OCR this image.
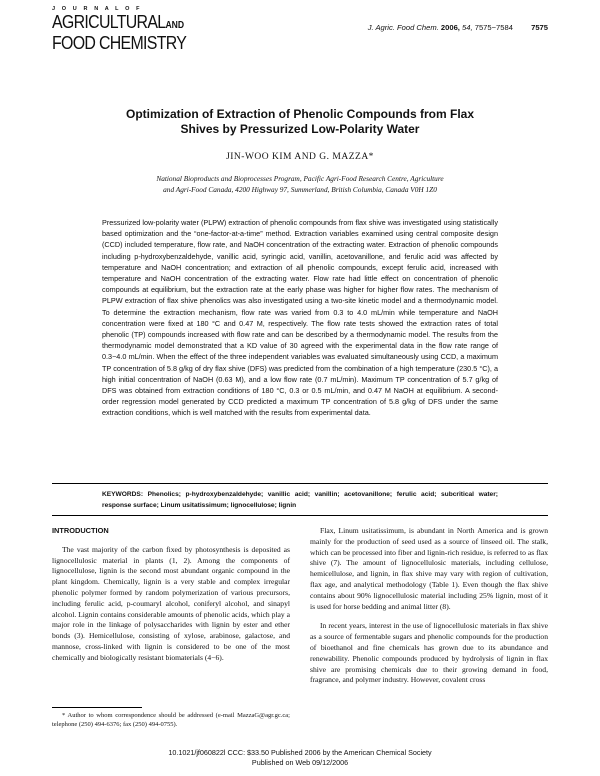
J O U R N A L O F
AGRICULTURALAND
FOOD CHEMISTRY
J. Agric. Food Chem. 2006, 54, 7575−7584 7575
Optimization of Extraction of Phenolic Compounds from Flax
Shives by Pressurized Low-Polarity Water
JIN-WOO KIM AND G. MAZZA*
National Bioproducts and Bioprocesses Program, Pacific Agri-Food Research Centre, Agriculture and Agri-Food Canada, 4200 Highway 97, Summerland, British Columbia, Canada V0H 1Z0
Pressurized low-polarity water (PLPW) extraction of phenolic compounds from flax shive was investigated using statistically based optimization and the “one-factor-at-a-time” method. Extraction variables examined using central composite design (CCD) included temperature, flow rate, and NaOH concentration of the extracting water. Extraction of phenolic compounds including p-hydroxybenzaldehyde, vanillic acid, syringic acid, vanillin, acetovanillone, and ferulic acid was affected by temperature and NaOH concentration; and extraction of all phenolic compounds, except ferulic acid, increased with temperature and NaOH concentration of the extracting water. Flow rate had little effect on concentration of phenolic compounds at equilibrium, but the extraction rate at the early phase was higher for higher flow rates. The mechanism of PLPW extraction of flax shive phenolics was also investigated using a two-site kinetic model and a thermodynamic model. To determine the extraction mechanism, flow rate was varied from 0.3 to 4.0 mL/min while temperature and NaOH concentration were fixed at 180 °C and 0.47 M, respectively. The flow rate tests showed the extraction rates of total phenolic (TP) compounds increased with flow rate and can be described by a thermodynamic model. The results from the thermodynamic model demonstrated that a KD value of 30 agreed with the experimental data in the flow rate range of 0.3−4.0 mL/min. When the effect of the three independent variables was evaluated simultaneously using CCD, a maximum TP concentration of 5.8 g/kg of dry flax shive (DFS) was predicted from the combination of a high temperature (230.5 °C), a high initial concentration of NaOH (0.63 M), and a low flow rate (0.7 mL/min). Maximum TP concentration of 5.7 g/kg of DFS was obtained from extraction conditions of 180 °C, 0.3 or 0.5 mL/min, and 0.47 M NaOH at equilibrium. A second-order regression model generated by CCD predicted a maximum TP concentration of 5.8 g/kg of DFS under the same extraction conditions, which is well matched with the results from experimental data.
KEYWORDS: Phenolics; p-hydroxybenzaldehyde; vanillic acid; vanillin; acetovanillone; ferulic acid; subcritical water; response surface; Linum usitatissimum; lignocellulose; lignin
INTRODUCTION

The vast majority of the carbon fixed by photosynthesis is deposited as lignocellulosic material in plants (1, 2). Among the components of lignocellulose, lignin is the second most abundant organic compound in the plant kingdom. Chemically, lignin is a very stable and complex irregular phenolic polymer formed by random polymerization of various precursors, including ferulic acid, p-coumaryl alcohol, coniferyl alcohol, and sinapyl alcohol. Lignin contains considerable amounts of phenolic acids, which play a major role in the linkage of polysaccharides with lignin by ester and ether bonds (3). Hemicellulose, consisting of xylose, arabinose, galactose, and mannose, cross-linked with lignin is considered to be one of the most chemically and biologically resistant biomaterials (4−6).

* Author to whom correspondence should be addressed (e-mail MazzaG@agr.gc.ca; telephone (250) 494-6376; fax (250) 494-0755).

Flax, Linum usitatissimum, is abundant in North America and is grown mainly for the production of seed used as a source of linseed oil. The stalk, which can be processed into fiber and lignin-rich residue, is referred to as flax shive (7). The amount of lignocellulosic materials, including cellulose, hemicellulose, and lignin, in flax shive may vary with region of cultivation, flax age, and analytical methodology (Table 1). Even though the flax shive contains about 90% lignocellulosic material including 25% lignin, most of it is used for horse bedding and animal litter (8).

In recent years, interest in the use of lignocellulosic materials in flax shive as a source of fermentable sugars and phenolic compounds for the production of bioethanol and fine chemicals has grown due to its abundance and renewability. Phenolic compounds produced by hydrolysis of lignin in flax shive are promising chemicals due to their growing demand in food, fragrance, and polymer industry. However, covalent cross

10.1021/jf060822l CCC: $33.50 Published 2006 by the American Chemical Society
Published on Web 09/12/2006
